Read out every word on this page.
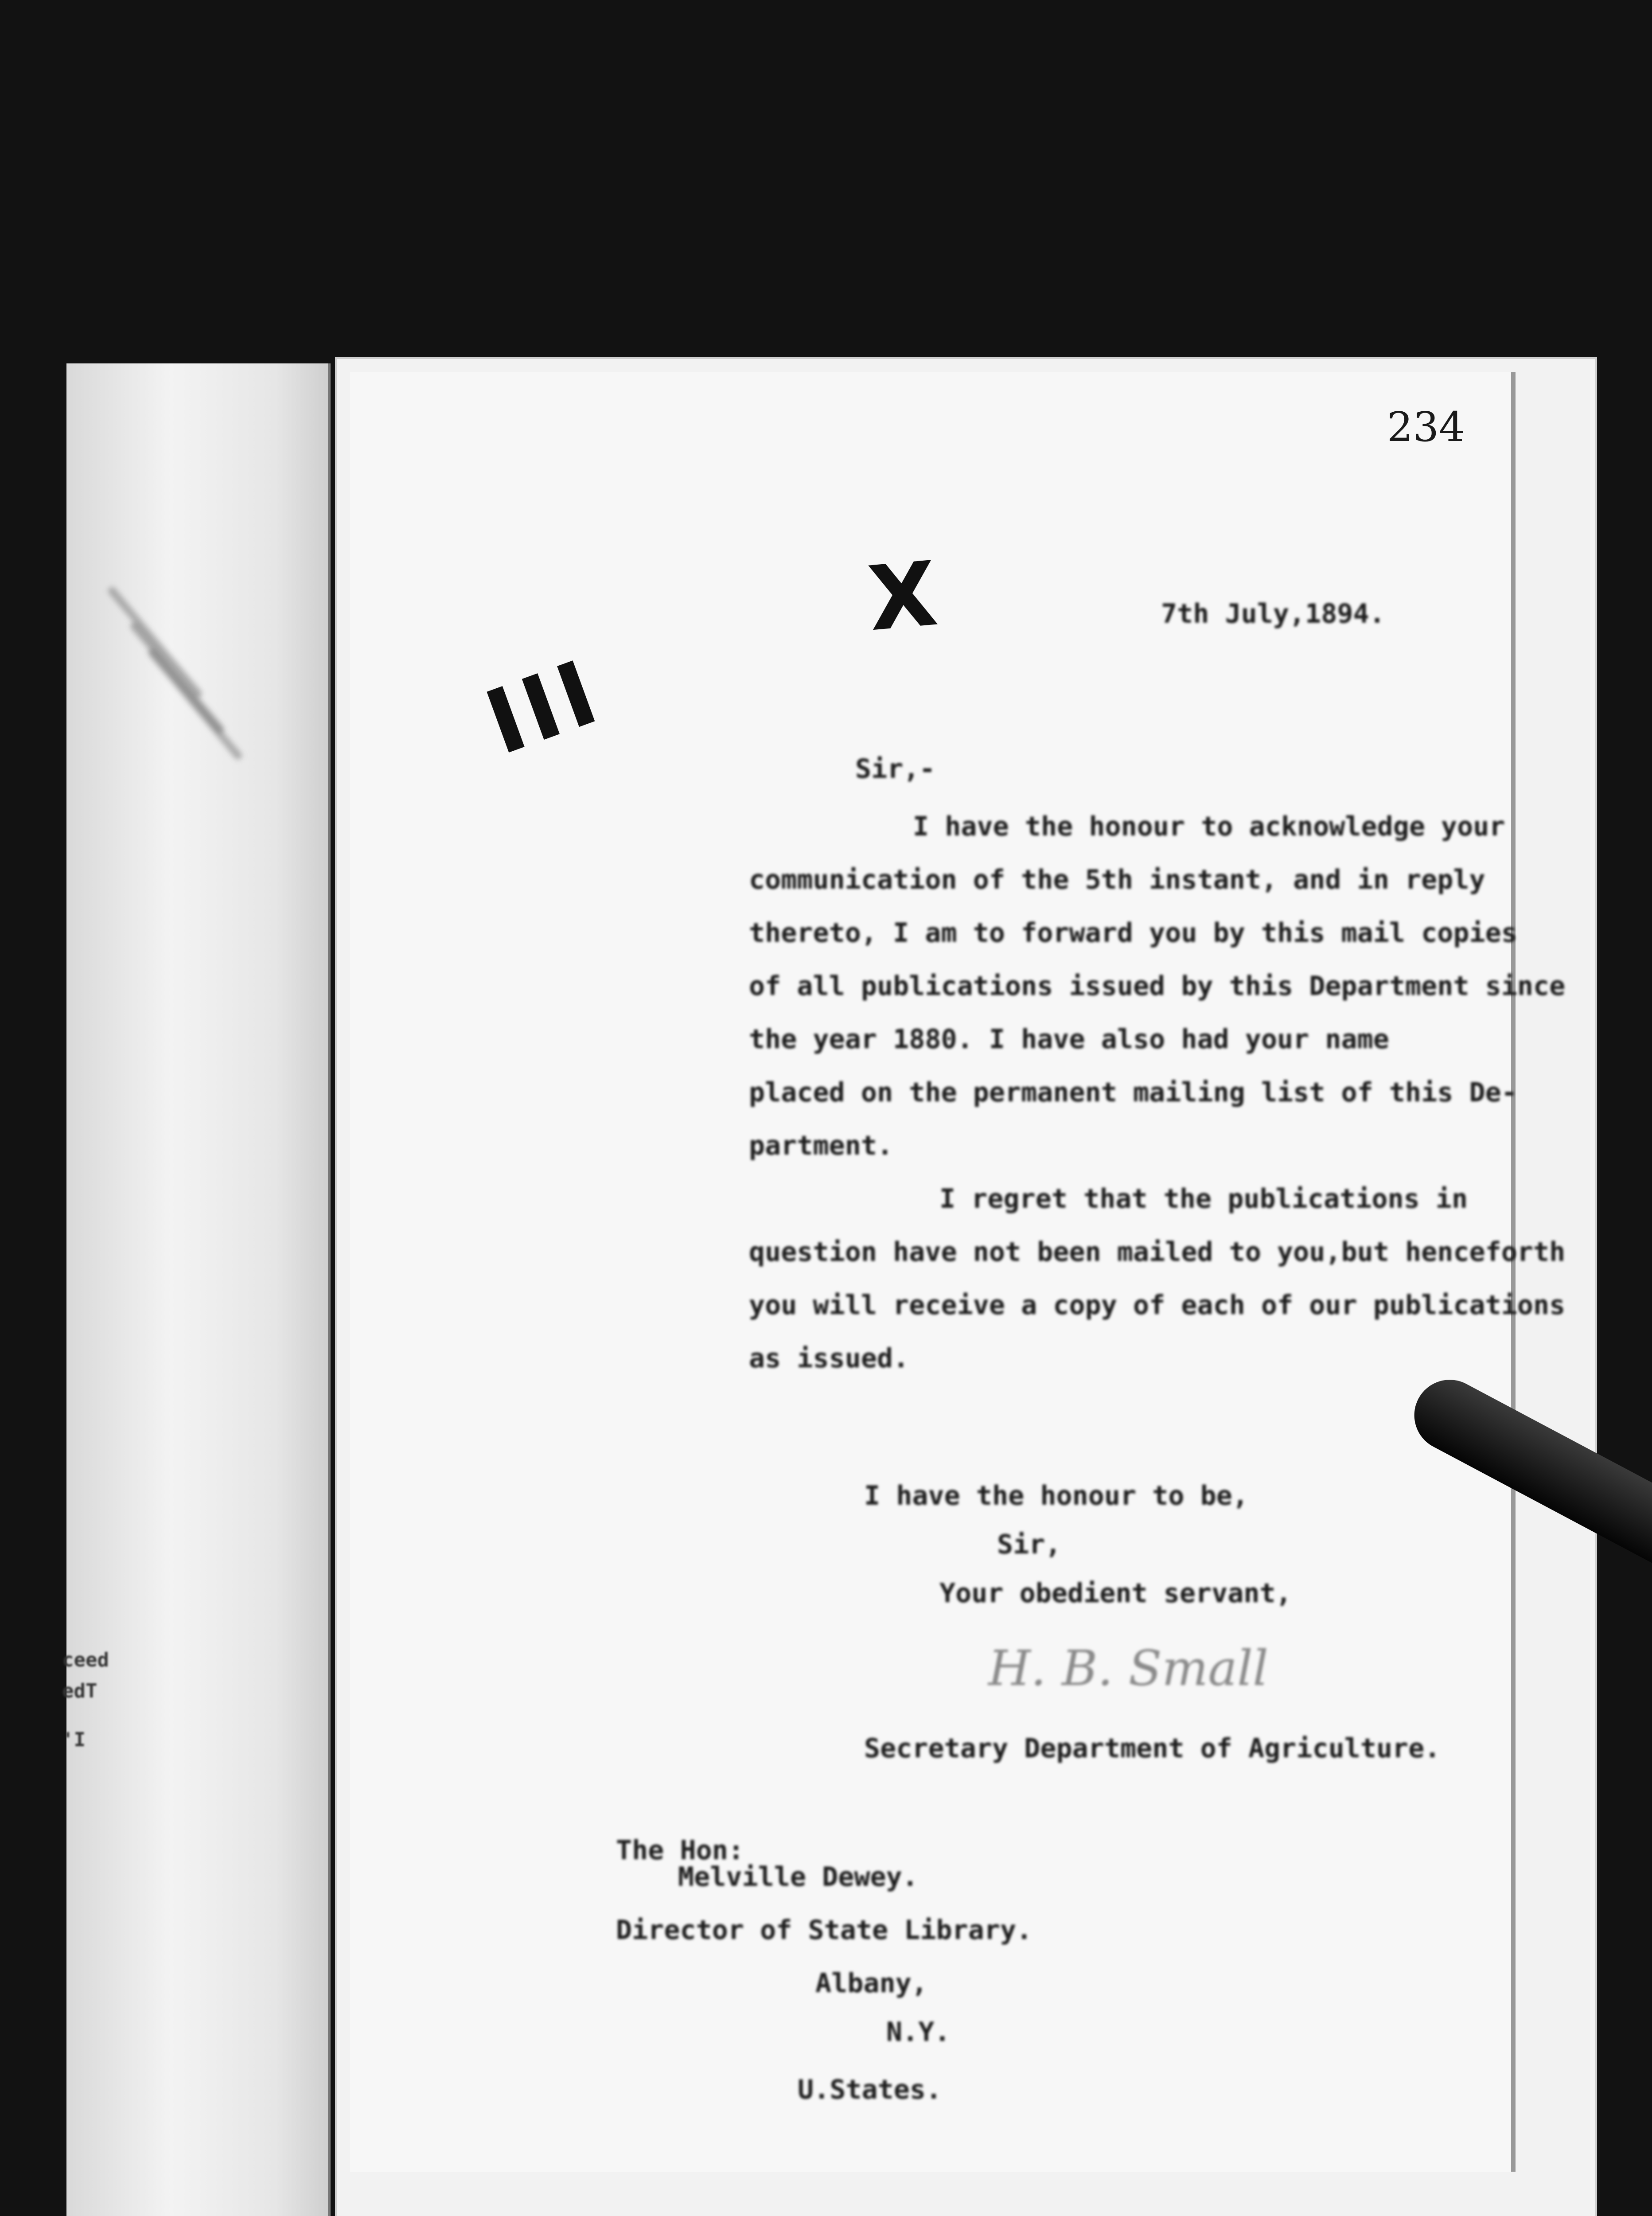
ceed
edT
'I
234
X
III
7th July,1894.
Sir,-
I have the honour to acknowledge your
communication of the 5th instant, and in reply
thereto, I am to forward you by this mail copies
of all publications issued by this Department since
the year 1880. I have also had your name
placed on the permanent mailing list of this De-
partment.
I regret that the publications in
question have not been mailed to you,but henceforth
you will receive a copy of each of our publications
as issued.
I have the honour to be,
Sir,
Your obedient servant,
H. B. Small
Secretary Department of Agriculture.
The Hon:
Melville Dewey.
Director of State Library.
Albany,
N.Y.
U.States.
